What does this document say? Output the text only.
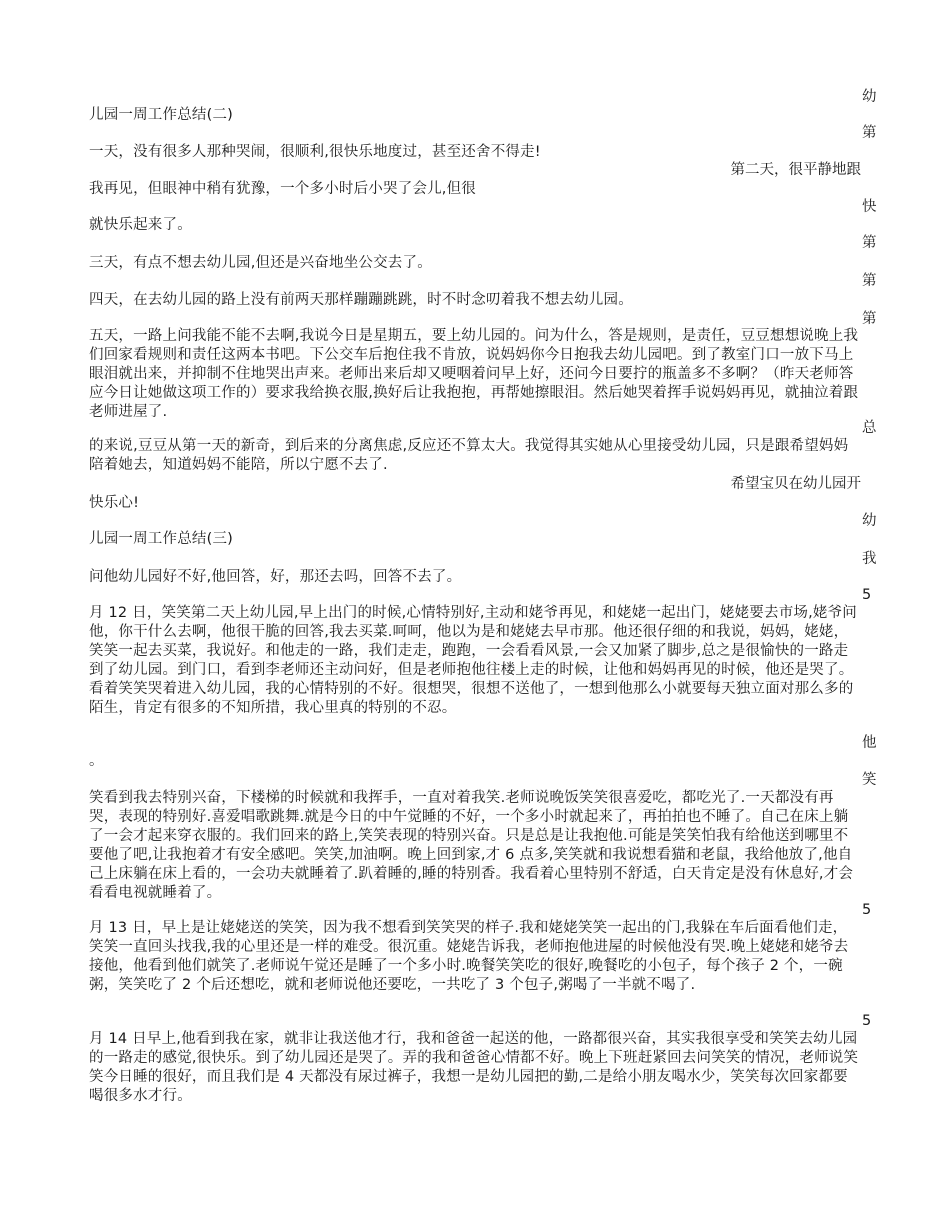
幼
第
快
第
第
第
总
幼
我
5
他
笑
5
5

第二天，很平静地跟

希望宝贝在幼儿园开

儿园一周工作总结(二)

一天，没有很多人那种哭闹，很顺利,很快乐地度过，甚至还舍不得走!

我再见，但眼神中稍有犹豫，一个多小时后小哭了会儿,但很

就快乐起来了。

三天，有点不想去幼儿园,但还是兴奋地坐公交去了。

四天，在去幼儿园的路上没有前两天那样蹦蹦跳跳，时不时念叨着我不想去幼儿园。

五天，一路上问我能不能不去啊,我说今日是星期五，要上幼儿园的。问为什么，答是规则，是责任，豆豆想想说晚上我们回家看规则和责任这两本书吧。下公交车后抱住我不肯放，说妈妈你今日抱我去幼儿园吧。到了教室门口一放下马上眼泪就出来，并抑制不住地哭出声来。老师出来后却又哽咽着问早上好，还问今日要拧的瓶盖多不多啊？（昨天老师答应今日让她做这项工作的）要求我给换衣服,换好后让我抱抱，再帮她擦眼泪。然后她哭着挥手说妈妈再见，就抽泣着跟老师进屋了.

的来说,豆豆从第一天的新奇，到后来的分离焦虑,反应还不算太大。我觉得其实她从心里接受幼儿园，只是跟希望妈妈陪着她去，知道妈妈不能陪，所以宁愿不去了.

快乐心!

儿园一周工作总结(三)

问他幼儿园好不好,他回答，好，那还去吗，回答不去了。

月 12 日，笑笑第二天上幼儿园,早上出门的时候,心情特别好,主动和姥爷再见，和姥姥一起出门，姥姥要去市场,姥爷问他，你干什么去啊，他很干脆的回答,我去买菜.呵呵，他以为是和姥姥去早市那。他还很仔细的和我说，妈妈，姥姥，笑笑一起去买菜，我说好。和他走的一路，我们走走，跑跑，一会看看风景,一会又加紧了脚步,总之是很愉快的一路走到了幼儿园。到门口，看到李老师还主动问好，但是老师抱他往楼上走的时候，让他和妈妈再见的时候，他还是哭了。看着笑笑哭着进入幼儿园，我的心情特别的不好。很想哭，很想不送他了，一想到他那么小就要每天独立面对那么多的陌生，肯定有很多的不知所措，我心里真的特别的不忍。

。

笑看到我去特别兴奋，下楼梯的时候就和我挥手，一直对着我笑.老师说晚饭笑笑很喜爱吃，都吃光了.一天都没有再哭，表现的特别好.喜爱唱歌跳舞.就是今日的中午觉睡的不好，一个多小时就起来了，再拍拍也不睡了。自己在床上躺了一会才起来穿衣服的。我们回来的路上,笑笑表现的特别兴奋。只是总是让我抱他.可能是笑笑怕我有给他送到哪里不要他了吧,让我抱着才有安全感吧。笑笑,加油啊。晚上回到家,才 6 点多,笑笑就和我说想看猫和老鼠，我给他放了,他自己上床躺在床上看的，一会功夫就睡着了.趴着睡的,睡的特别香。我看着心里特别不舒适，白天肯定是没有休息好,才会看看电视就睡着了。

月 13 日，早上是让姥姥送的笑笑，因为我不想看到笑笑哭的样子.我和姥姥笑笑一起出的门,我躲在车后面看他们走，笑笑一直回头找我,我的心里还是一样的难受。很沉重。姥姥告诉我，老师抱他进屋的时候他没有哭.晚上姥姥和姥爷去接他，他看到他们就笑了.老师说午觉还是睡了一个多小时.晚餐笑笑吃的很好,晚餐吃的小包子，每个孩子 2 个，一碗粥，笑笑吃了 2 个后还想吃，就和老师说他还要吃，一共吃了 3 个包子,粥喝了一半就不喝了.

月 14 日早上,他看到我在家，就非让我送他才行，我和爸爸一起送的他，一路都很兴奋，其实我很享受和笑笑去幼儿园的一路走的感觉,很快乐。到了幼儿园还是哭了。弄的我和爸爸心情都不好。晚上下班赶紧回去问笑笑的情况，老师说笑笑今日睡的很好，而且我们是 4 天都没有尿过裤子，我想一是幼儿园把的勤,二是给小朋友喝水少，笑笑每次回家都要喝很多水才行。
